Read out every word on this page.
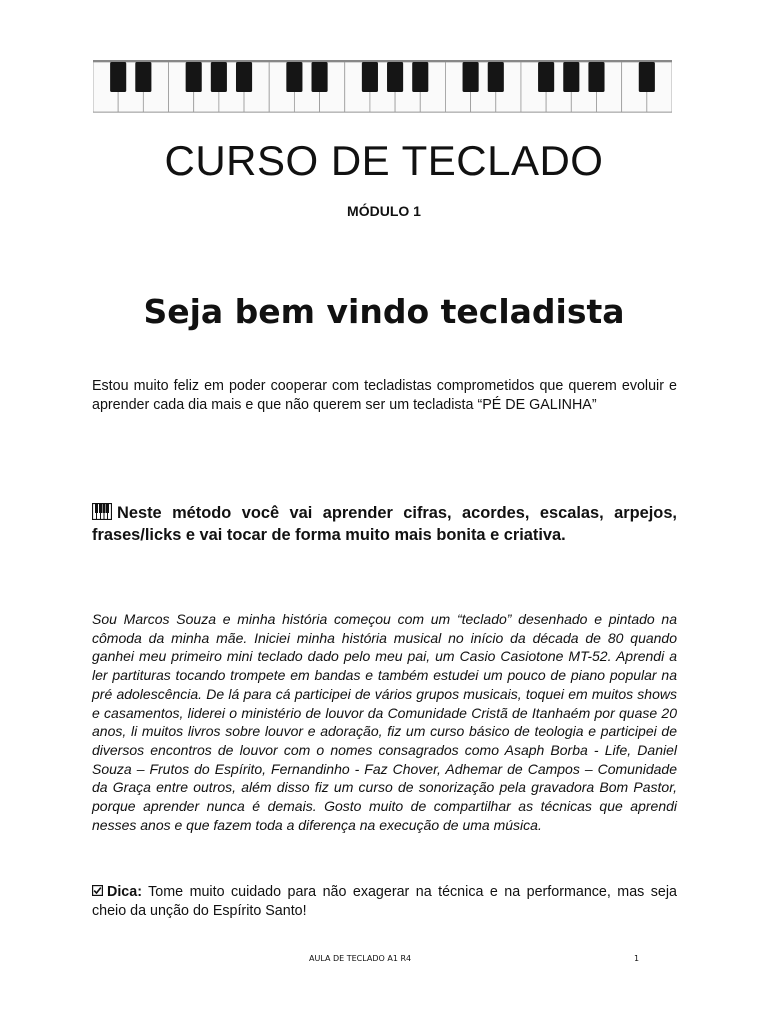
CURSO DE TECLADO
MÓDULO 1
Seja bem vindo tecladista

Estou muito feliz em poder cooperar com tecladistas comprometidos que querem evoluir e aprender cada dia mais e que não querem ser um tecladista “PÉ DE GALINHA”

Neste método você vai aprender cifras, acordes, escalas, arpejos, frases/licks e vai tocar de forma muito mais bonita e criativa.

Sou Marcos Souza e minha história começou com um “teclado” desenhado e pintado na cômoda da minha mãe. Iniciei minha história musical no início da década de 80 quando ganhei meu primeiro mini teclado dado pelo meu pai, um Casio Casiotone MT-52. Aprendi a ler partituras tocando trompete em bandas e também estudei um pouco de piano popular na pré adolescência. De lá para cá participei de vários grupos musicais, toquei em muitos shows e casamentos, liderei o ministério de louvor da Comunidade Cristã de Itanhaém por quase 20 anos, li muitos livros sobre louvor e adoração, fiz um curso básico de teologia e participei de diversos encontros de louvor com o nomes consagrados como Asaph Borba - Life, Daniel Souza – Frutos do Espírito, Fernandinho - Faz Chover, Adhemar de Campos – Comunidade da Graça entre outros, além disso fiz um curso de sonorização pela gravadora Bom Pastor, porque aprender nunca é demais. Gosto muito de compartilhar as técnicas que aprendi nesses anos e que fazem toda a diferença na execução de uma música.

Dica: Tome muito cuidado para não exagerar na técnica e na performance, mas seja cheio da unção do Espírito Santo!

AULA DE TECLADO A1 R4	1
